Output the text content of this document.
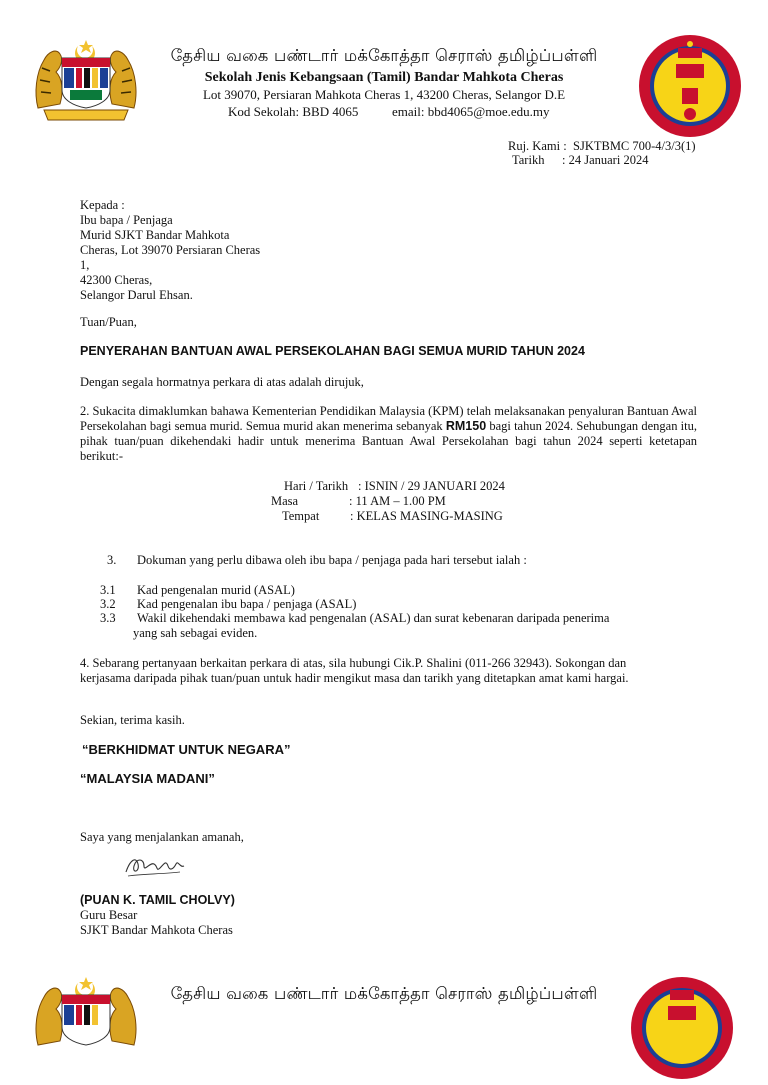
தேசிய வகை பண்டார் மக்கோத்தா செராஸ் தமிழ்ப்பள்ளி
Sekolah Jenis Kebangsaan (Tamil) Bandar Mahkota Cheras
Lot 39070, Persiaran Mahkota Cheras 1, 43200 Cheras, Selangor D.E
Kod Sekolah: BBD 4065	email: bbd4065@moe.edu.my
Ruj. Kami : SJKTBMC 700-4/3/3(1)
Tarikh : 24 Januari 2024
Kepada :
Ibu bapa / Penjaga
Murid SJKT Bandar Mahkota
Cheras, Lot 39070 Persiaran Cheras
1,
42300 Cheras,
Selangor Darul Ehsan.
Tuan/Puan,
PENYERAHAN BANTUAN AWAL PERSEKOLAHAN BAGI SEMUA MURID TAHUN 2024
Dengan segala hormatnya perkara di atas adalah dirujuk,
2. Sukacita dimaklumkan bahawa Kementerian Pendidikan Malaysia (KPM) telah melaksanakan penyaluran Bantuan Awal Persekolahan bagi semua murid. Semua murid akan menerima sebanyak RM150 bagi tahun 2024. Sehubungan dengan itu, pihak tuan/puan dikehendaki hadir untuk menerima Bantuan Awal Persekolahan bagi tahun 2024 seperti ketetapan berikut:-
Hari / Tarikh : ISNIN / 29 JANUARI 2024
Masa	: 11 AM – 1.00 PM
Tempat : KELAS MASING-MASING
3. Dokuman yang perlu dibawa oleh ibu bapa / penjaga pada hari tersebut ialah :
3.1 Kad pengenalan murid (ASAL)
3.2 Kad pengenalan ibu bapa / penjaga (ASAL)
3.3 Wakil dikehendaki membawa kad pengenalan (ASAL) dan surat kebenaran daripada penerima
yang sah sebagai eviden.
4. Sebarang pertanyaan berkaitan perkara di atas, sila hubungi Cik.P. Shalini (011-266 32943). Sokongan dan
kerjasama daripada pihak tuan/puan untuk hadir mengikut masa dan tarikh yang ditetapkan amat kami hargai.
Sekian, terima kasih.
“BERKHIDMAT UNTUK NEGARA”
“MALAYSIA MADANI”
Saya yang menjalankan amanah,
(PUAN K. TAMIL CHOLVY)
Guru Besar
SJKT Bandar Mahkota Cheras
தேசிய வகை பண்டார் மக்கோத்தா செராஸ் தமிழ்ப்பள்ளி
